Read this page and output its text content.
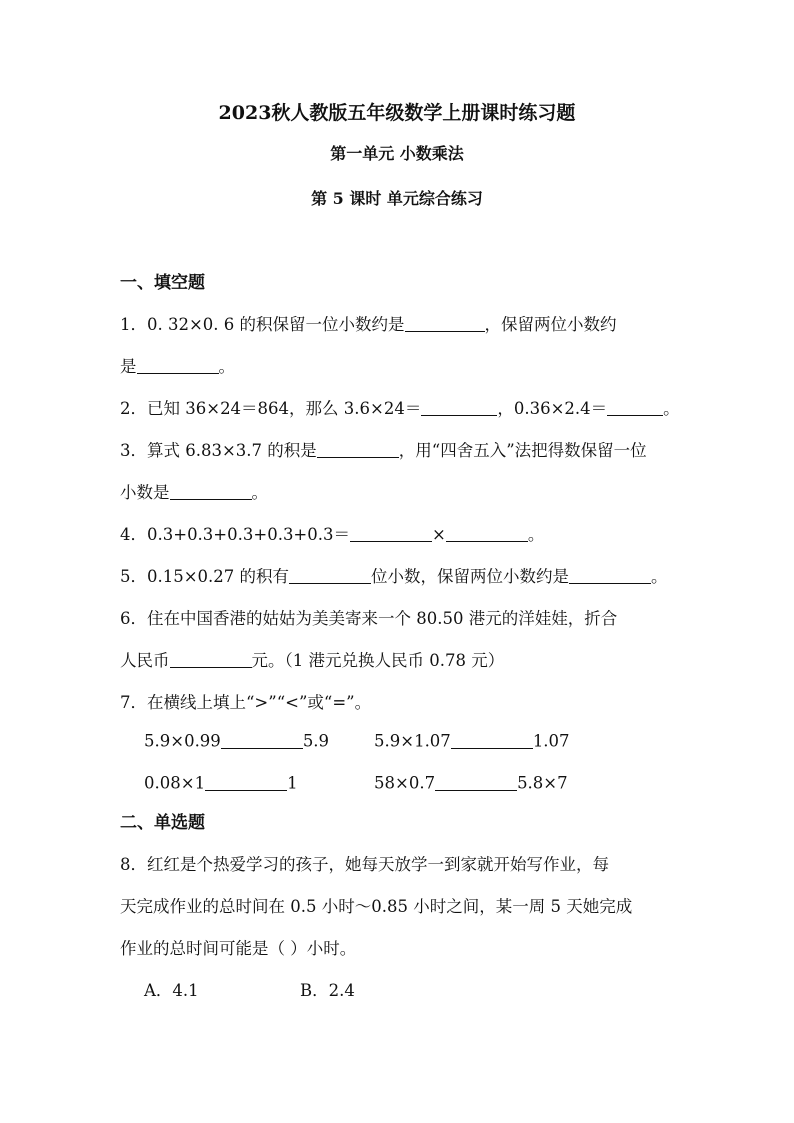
2023秋人教版五年级数学上册课时练习题
第一单元 小数乘法
第 5 课时 单元综合练习
一、填空题
1．0. 32×0. 6 的积保留一位小数约是	，保留两位小数约
是	。
2．已知 36×24＝864，那么 3.6×24＝	，0.36×2.4＝	。
3．算式 6.83×3.7 的积是	，用“四舍五入”法把得数保留一位
小数是	。
4．0.3+0.3+0.3+0.3+0.3＝	×	。
5．0.15×0.27 的积有	位小数，保留两位小数约是	。
6．住在中国香港的姑姑为美美寄来一个 80.50 港元的洋娃娃，折合
人民币	元。（1 港元兑换人民币 0.78 元）
7．在横线上填上“>”“<”或“=”。
5.9×0.99	5.9	5.9×1.07	1.07
0.08×1	1	58×0.7	5.8×7
二、单选题
8．红红是个热爱学习的孩子，她每天放学一到家就开始写作业，每
天完成作业的总时间在 0.5 小时～0.85 小时之间，某一周 5 天她完成
作业的总时间可能是（ ）小时。
A．4.1	B．2.4
